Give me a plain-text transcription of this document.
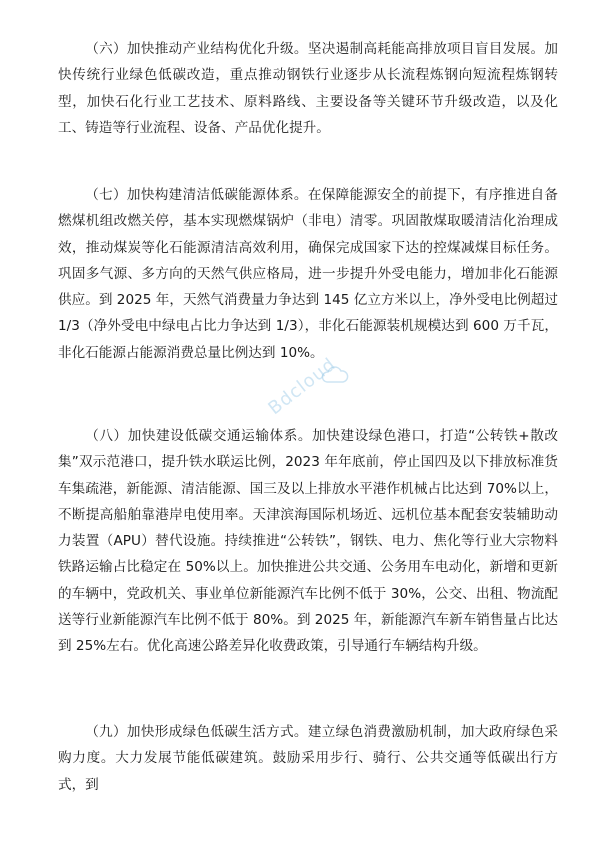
（六）加快推动产业结构优化升级。坚决遏制高耗能高排放项目盲目发展。加快传统行业绿色低碳改造，重点推动钢铁行业逐步从长流程炼钢向短流程炼钢转型，加快石化行业工艺技术、原料路线、主要设备等关键环节升级改造，以及化工、铸造等行业流程、设备、产品优化提升。

（七）加快构建清洁低碳能源体系。在保障能源安全的前提下，有序推进自备燃煤机组改燃关停，基本实现燃煤锅炉（非电）清零。巩固散煤取暖清洁化治理成效，推动煤炭等化石能源清洁高效利用，确保完成国家下达的控煤减煤目标任务。巩固多气源、多方向的天然气供应格局，进一步提升外受电能力，增加非化石能源供应。到 2025 年，天然气消费量力争达到 145 亿立方米以上，净外受电比例超过 1/3（净外受电中绿电占比力争达到 1/3），非化石能源装机规模达到 600 万千瓦，非化石能源占能源消费总量比例达到 10%。

（八）加快建设低碳交通运输体系。加快建设绿色港口，打造“公转铁+散改集”双示范港口，提升铁水联运比例，2023 年年底前，停止国四及以下排放标准货车集疏港，新能源、清洁能源、国三及以上排放水平港作机械占比达到 70%以上，不断提高船舶靠港岸电使用率。天津滨海国际机场近、远机位基本配套安装辅助动力装置（APU）替代设施。持续推进“公转铁”，钢铁、电力、焦化等行业大宗物料铁路运输占比稳定在 50%以上。加快推进公共交通、公务用车电动化，新增和更新的车辆中，党政机关、事业单位新能源汽车比例不低于 30%，公交、出租、物流配送等行业新能源汽车比例不低于 80%。到 2025 年，新能源汽车新车销售量占比达到 25%左右。优化高速公路差异化收费政策，引导通行车辆结构升级。

（九）加快形成绿色低碳生活方式。建立绿色消费激励机制，加大政府绿色采购力度。大力发展节能低碳建筑。鼓励采用步行、骑行、公共交通等低碳出行方式，到

Bdcloud
